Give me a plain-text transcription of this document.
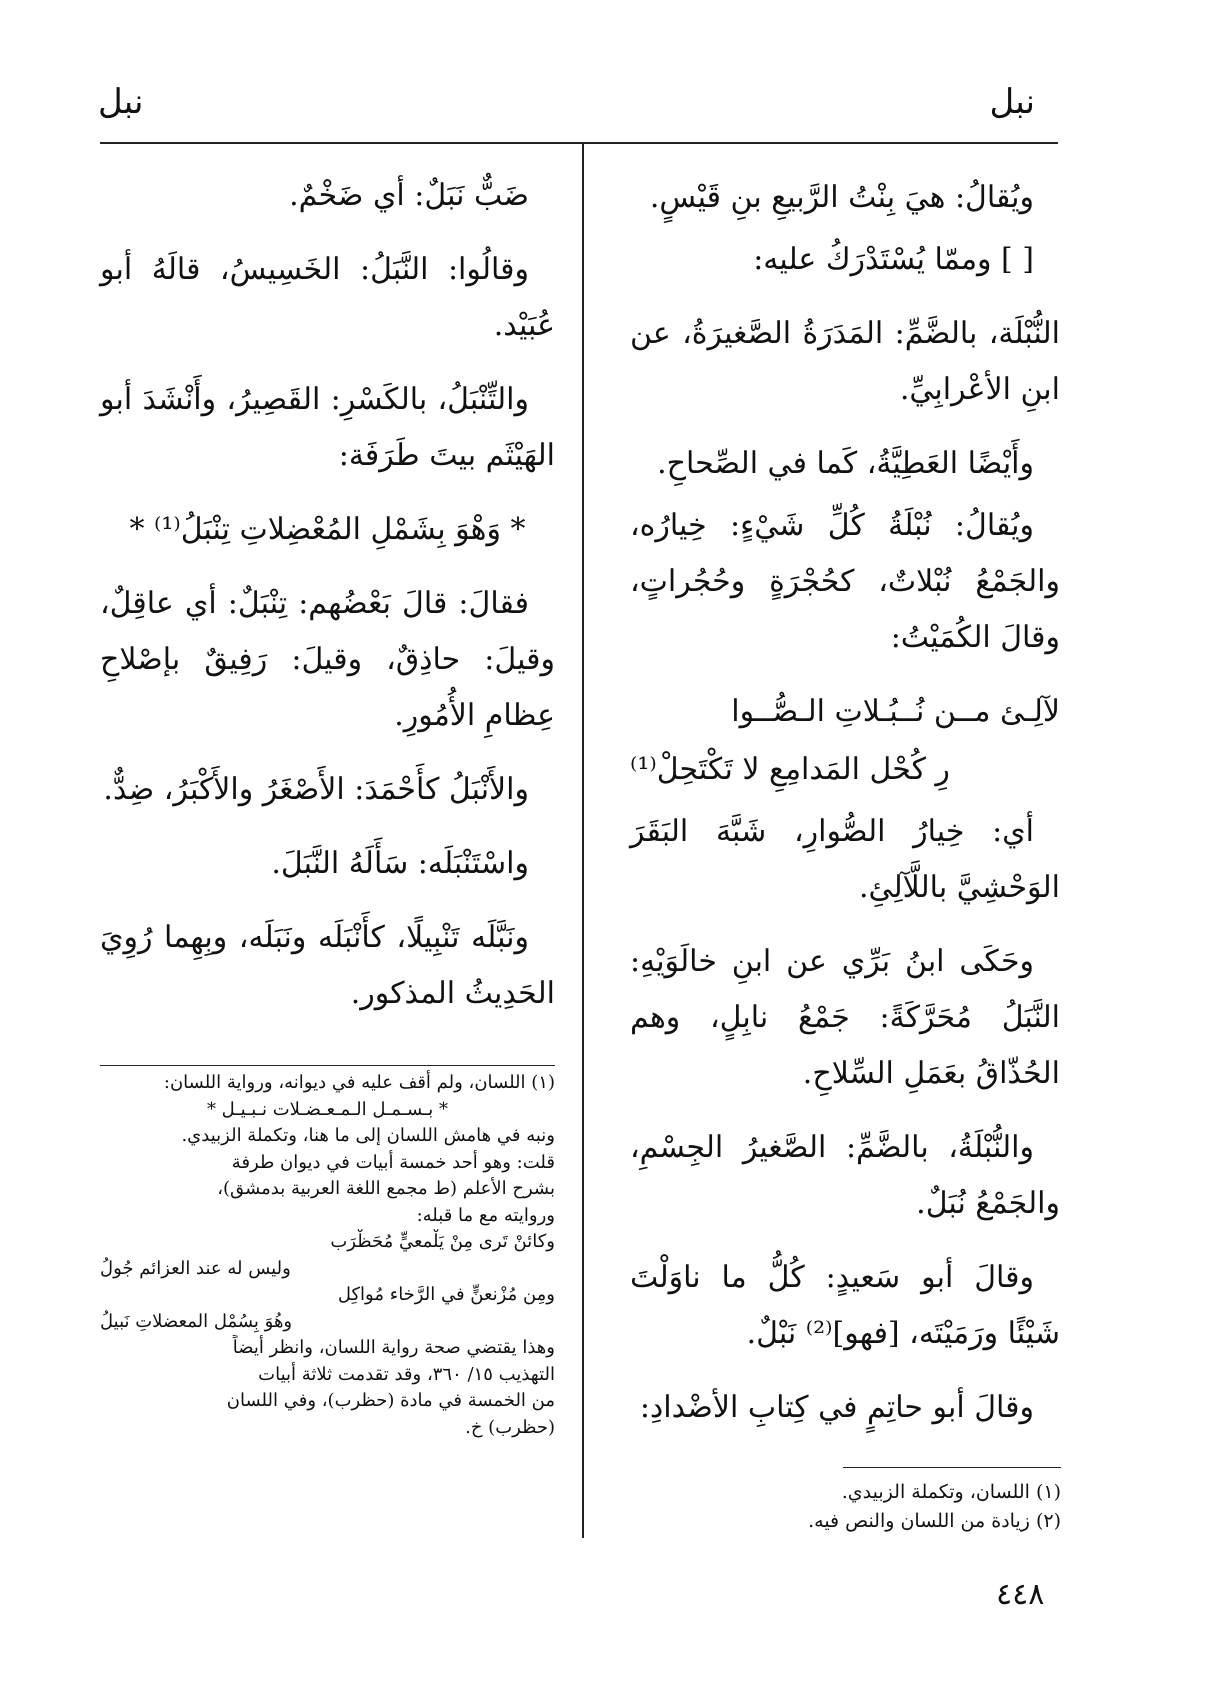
نبل
نبل

ويُقالُ: هيَ بِنْتُ الرَّبيعِ بنِ قَيْسٍ.

[ ] وممّا يُسْتَدْرَكُ عليه:

النُّبْلَة، بالضَّمِّ: المَدَرَةُ الصَّغيرَةُ، عن ابنِ الأعْرابِيِّ.

وأَيْضًا العَطِيَّةُ، كَما في الصِّحاحِ.

ويُقالُ: نُبْلَةُ كُلِّ شَيْءٍ: خِيارُه، والجَمْعُ نُبْلاتٌ، كحُجْرَةٍ وحُجُراتٍ، وقالَ الكُمَيْتُ:

لآلِـئ مــن نُــبُـلاتِ الـصُّــوا

رِ كُحْل المَدامِعِ لا تَكْتَحِلْ⁽¹⁾

أي: خِيارُ الصُّوارِ، شَبَّهَ البَقَرَ الوَحْشِيَّ باللَّآلِئِ.

وحَكَى ابنُ بَرِّي عن ابنِ خالَوَيْهِ: النَّبَلُ مُحَرَّكَةً: جَمْعُ نابِلٍ، وهم الحُذّاقُ بعَمَلِ السِّلاحِ.

والنُّبْلَةُ، بالضَّمِّ: الصَّغيرُ الجِسْمِ، والجَمْعُ نُبَلٌ.

وقالَ أبو سَعيدٍ: كُلُّ ما ناوَلْتَ شَيْئًا ورَمَيْتَه، [فهو]⁽²⁾ نَبْلٌ.

وقالَ أبو حاتِمٍ في كِتابِ الأضْدادِ:

(١) اللسان، وتكملة الزبيدي.
(٢) زيادة من اللسان والنص فيه.

ضَبٌّ نَبَلٌ: أي ضَخْمٌ.

وقالُوا: النَّبَلُ: الخَسِيسُ، قالَهُ أبو عُبَيْد.

والتِّنْبَلُ، بالكَسْرِ: القَصِيرُ، وأَنْشَدَ أبو الهَيْثَم بيتَ طَرَفَة:

* وَهْوَ بِشَمْلِ المُعْضِلاتِ تِنْبَلُ⁽¹⁾ *

فقالَ: قالَ بَعْضُهم: تِنْبَلٌ: أي عاقِلٌ، وقيلَ: حاذِقٌ، وقيلَ: رَفِيقٌ بإصْلاحِ عِظامِ الأُمُورِ.

والأَنْبَلُ كأَحْمَدَ: الأَصْغَرُ والأَكْبَرُ، ضِدٌّ.

واسْتَنْبَلَه: سَأَلَهُ النَّبَلَ.

ونَبَّلَه تَنْبِيلًا، كأَنْبَلَه ونَبَلَه، وبِهِما رُوِيَ الحَدِيثُ المذكور.

(١) اللسان، ولم أقف عليه في ديوانه، ورواية اللسان:
* بـسـمـل الـمـعـضـلات نـبـيـل *
ونبه في هامش اللسان إلى ما هنا، وتكملة الزبيدي.
قلت: وهو أحد خمسة أبيات في ديوان طرفة
بشرح الأعلم (ط مجمع اللغة العربية بدمشق)،
وروايته مع ما قبله:
وكائنْ تَرى مِنْ يَلْمعيٍّ مُحَظْرَب
وليس له عند العزائم جُولُ
ومِن مُزْنعنٍّ في الرَّخاء مُواكِل
وهُوَ بِسُمْل المعضلاتِ نَبيلُ
وهذا يقتضي صحة رواية اللسان، وانظر أيضاً
التهذيب ١٥/ ٣٦٠، وقد تقدمت ثلاثة أبيات
من الخمسة في مادة (حظرب)، وفي اللسان
(حظرب) خ.
٤٤٨
